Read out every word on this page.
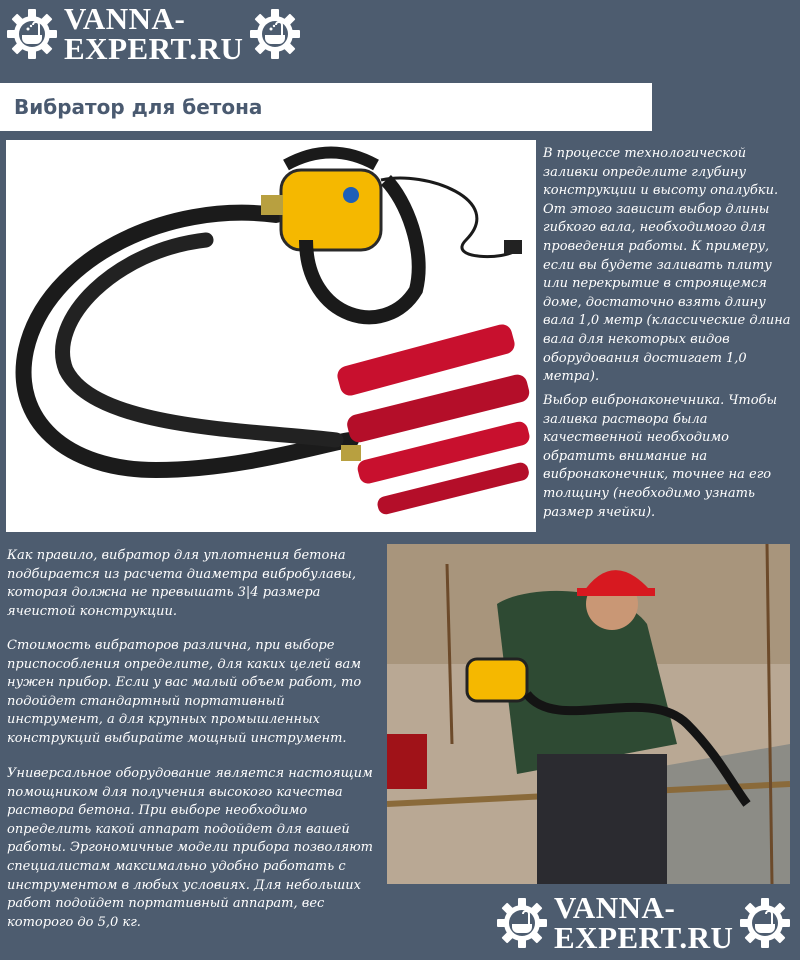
VANNA-
EXPERT.RU
Вибратор для бетона
В процессе технологической заливки определите глубину конструкции и высоту опалубки. От этого зависит выбор длины гибкого вала, необходимого для проведения работы. К примеру, если вы будете заливать плиту или перекрытие в строящемся доме, достаточно взять длину вала 1,0 метр (классические длина вала для некоторых видов оборудования достигает 1,0 метра).
Выбор вибронаконечника. Чтобы заливка раствора была качественной необходимо обратить внимание на вибронаконечник, точнее на его толщину (необходимо узнать размер ячейки).
Как правило, вибратор для уплотнения бетона подбирается из расчета диаметра вибробулавы, которая должна не превышать 3|4 размера ячеистой конструкции.
Стоимость вибраторов различна, при выборе приспособления определите, для каких целей вам нужен прибор. Если у вас малый объем работ, то подойдет стандартный портативный инструмент, а для крупных промышленных конструкций выбирайте мощный инструмент.
Универсальное оборудование является настоящим помощником для получения высокого качества раствора бетона. При выборе необходимо определить какой аппарат подойдет для вашей работы. Эргономичные модели прибора позволяют специалистам максимально удобно работать с инструментом в любых условиях. Для небольших работ подойдет портативный аппарат, вес которого до 5,0 кг.	VANNA-
EXPERT.RU
